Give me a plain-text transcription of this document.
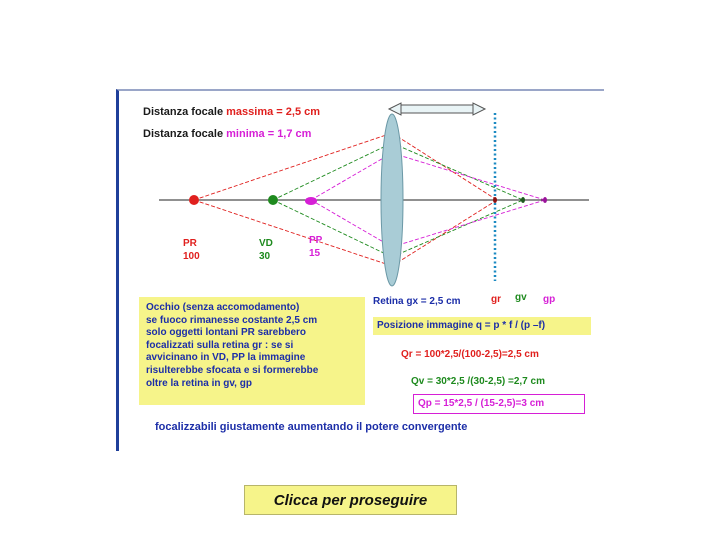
Distanza focale massima = 2,5 cm
Distanza focale minima = 1,7 cm
PR
100
VD
30
PP
15
Retina gx = 2,5 cm	gr gv gp
Occhio (senza accomodamento)
se fuoco rimanesse costante 2,5 cm
solo oggetti lontani PR sarebbero
focalizzati sulla retina gr : se si
avvicinano in VD, PP la immagine
risulterebbe sfocata e si formerebbe
oltre la retina in gv, gp
Posizione immagine q = p * f / (p –f)
Qr = 100*2,5/(100-2,5)=2,5 cm
Qv = 30*2,5 /(30-2,5) =2,7 cm
Qp = 15*2,5 / (15-2,5)=3 cm
focalizzabili giustamente aumentando il potere convergente
Clicca per proseguire
